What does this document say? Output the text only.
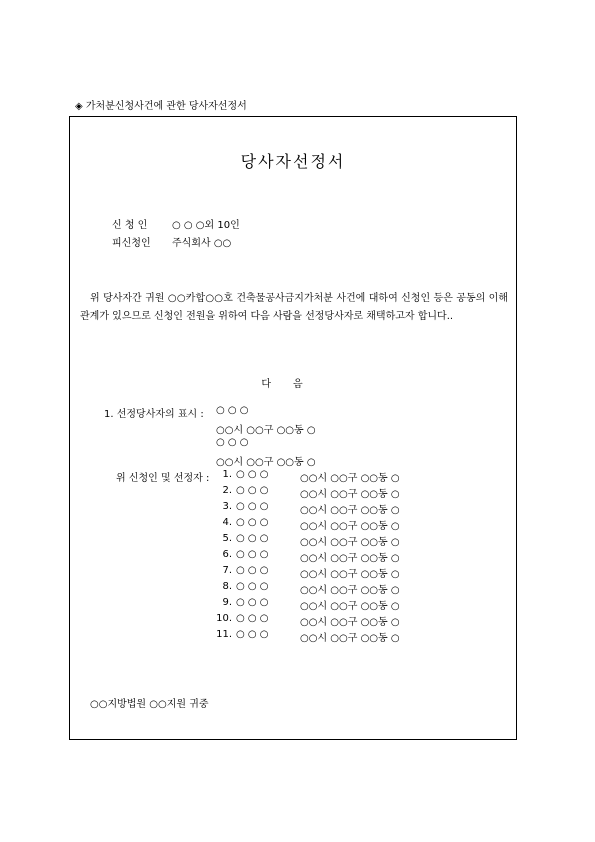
◈ 가처분신청사건에 관한 당사자선정서
당사자선정서
신 청 인 ○ ○ ○외 10인
피신청인 주식회사 ○○
위 당사자간 귀원 ○○카합○○호 건축물공사금지가처분 사건에 대하여 신청인 등은 공동의 이해관계가 있으므로 신청인 전원을 위하여 다음 사람을 선정당사자로 채택하고자 합니다..
다음
1. 선정당사자의 표시 : ○ ○ ○
○○시 ○○구 ○○동 ○
○ ○ ○
○○시 ○○구 ○○동 ○
위 신청인 및 선정자 :	1. ○ ○ ○	○○시 ○○구 ○○동 ○
2. ○ ○ ○	○○시 ○○구 ○○동 ○
3. ○ ○ ○	○○시 ○○구 ○○동 ○
4. ○ ○ ○	○○시 ○○구 ○○동 ○
5. ○ ○ ○	○○시 ○○구 ○○동 ○
6. ○ ○ ○	○○시 ○○구 ○○동 ○
7. ○ ○ ○	○○시 ○○구 ○○동 ○
8. ○ ○ ○	○○시 ○○구 ○○동 ○
9. ○ ○ ○	○○시 ○○구 ○○동 ○
10. ○ ○ ○	○○시 ○○구 ○○동 ○
11. ○ ○ ○	○○시 ○○구 ○○동 ○
○○지방법원 ○○지원 귀중
